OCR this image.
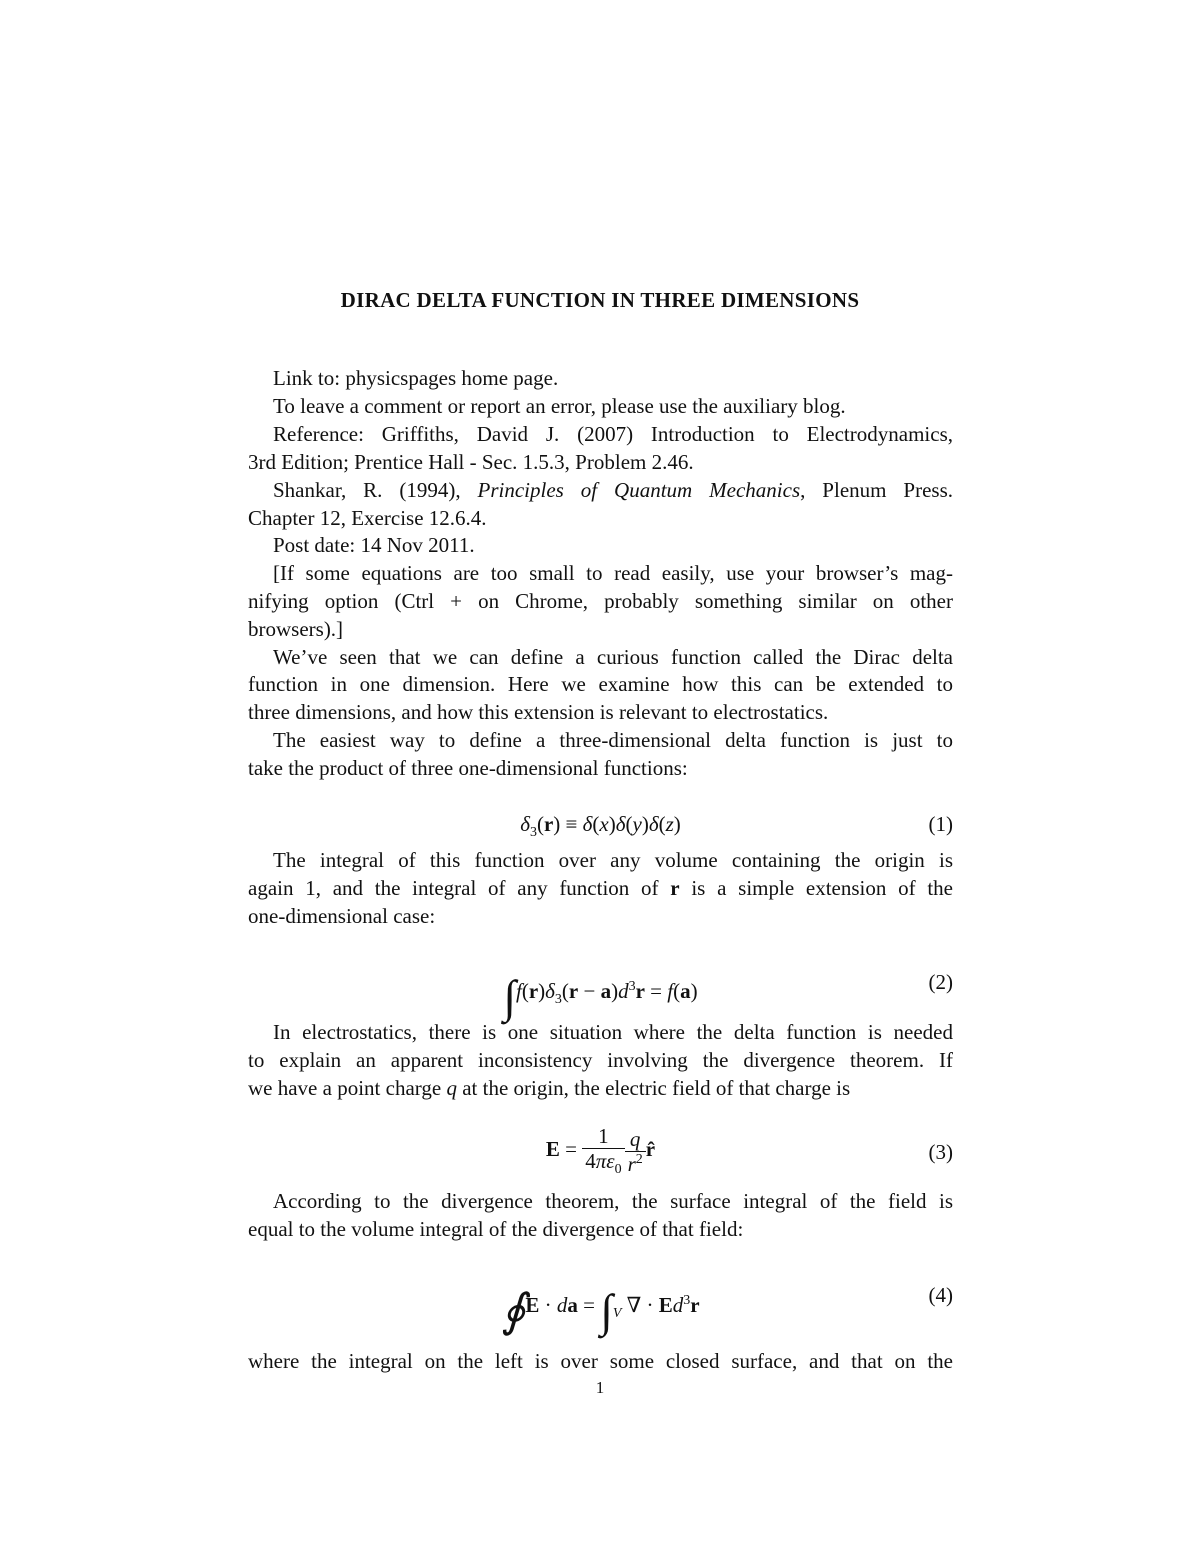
DIRAC DELTA FUNCTION IN THREE DIMENSIONS
Link to: physicspages home page.
To leave a comment or report an error, please use the auxiliary blog.
Reference: Griffiths, David J. (2007) Introduction to Electrodynamics,
3rd Edition; Prentice Hall - Sec. 1.5.3, Problem 2.46.
Shankar, R. (1994), Principles of Quantum Mechanics, Plenum Press.
Chapter 12, Exercise 12.6.4.
Post date: 14 Nov 2011.
[If some equations are too small to read easily, use your browser’s mag-
nifying option (Ctrl + on Chrome, probably something similar on other
browsers).]
We’ve seen that we can define a curious function called the Dirac delta
function in one dimension. Here we examine how this can be extended to
three dimensions, and how this extension is relevant to electrostatics.
The easiest way to define a three-dimensional delta function is just to
take the product of three one-dimensional functions:
$\delta_3(r) \equiv \delta(x)\delta(y)\delta(z)$	(1)
The integral of this function over any volume containing the origin is
again 1, and the integral of any function of r is a simple extension of the
one-dimensional case:
$\int f(r)\delta_3(r - a)d^3r = f(a)$	(2)
In electrostatics, there is one situation where the delta function is needed
to explain an apparent inconsistency involving the divergence theorem. If
we have a point charge q at the origin, the electric field of that charge is
$E = \frac{1}{4\pi\varepsilon_0} \frac{q}{r^2}$ r̂	(3)
According to the divergence theorem, the surface integral of the field is
equal to the volume integral of the divergence of that field:
∮E · da = $\int_V$ ∇ · $Ed^3r$	(4)
where the integral on the left is over some closed surface, and that on the
1
